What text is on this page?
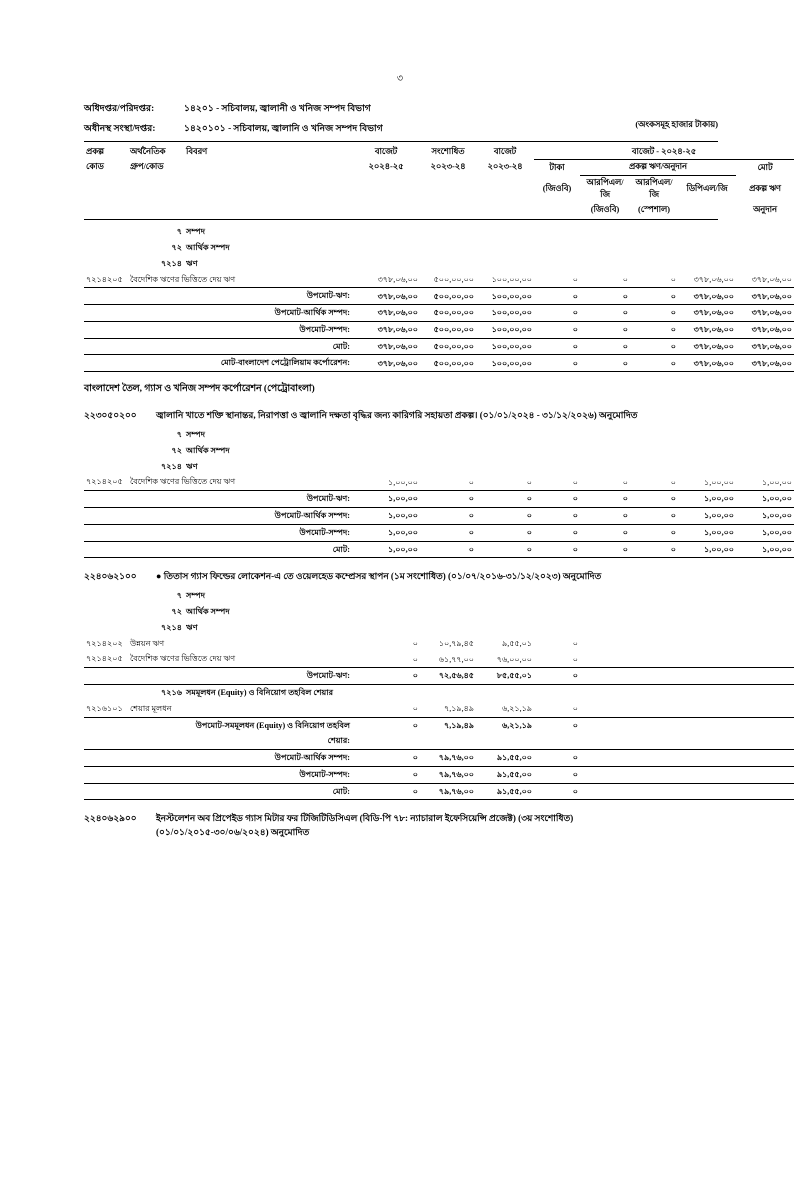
৩
অধিদপ্তর/পরিদপ্তর:	১৪২০১ - সচিবালয়, জ্বালানী ও খনিজ সম্পদ বিভাগ
অধীনস্থ সংস্থা/দপ্তর:	১৪২০১০১ - সচিবালয়, জ্বালানি ও খনিজ সম্পদ বিভাগ	(অংকসমূহ হাজার টাকায়)
প্রকল্প	অর্থনৈতিক	বিবরণ	বাজেট	সংশোধিত	বাজেট	বাজেট - ২০২৪-২৫				
কোড	গ্রুপ/কোড		২০২৪-২৫	২০২৩-২৪	২০২৩-২৪	টাকা	প্রকল্প ঋণ/অনুদান			মোট
						(জিওবি)	আরপিএল/জি	আরপিএল/জি	ডিপিএল/জি	প্রকল্প ঋণ
							(জিওবি)	(স্পেশাল)		অনুদান
	৭	সম্পদ								
	৭২	আর্থিক সম্পদ								
	৭২১৪	ঋণ								
৭২১৪২০৫	বৈদেশিক ঋণের ভিত্তিতে দেয় ঋণ		৩৭৮,০৬,০০	৫০০,০০,০০	১০০,০০,০০	০	০	০	৩৭৮,০৬,০০	৩৭৮,০৬,০০
উপমোট-ঋণ:			৩৭৮,০৬,০০	৫০০,০০,০০	১০০,০০,০০	০	০	০	৩৭৮,০৬,০০	৩৭৮,০৬,০০
উপমোট-আর্থিক সম্পদ:			৩৭৮,০৬,০০	৫০০,০০,০০	১০০,০০,০০	০	০	০	৩৭৮,০৬,০০	৩৭৮,০৬,০০
উপমোট-সম্পদ:			৩৭৮,০৬,০০	৫০০,০০,০০	১০০,০০,০০	০	০	০	৩৭৮,০৬,০০	৩৭৮,০৬,০০
মোট:			৩৭৮,০৬,০০	৫০০,০০,০০	১০০,০০,০০	০	০	০	৩৭৮,০৬,০০	৩৭৮,০৬,০০
মোট-বাংলাদেশ পেট্রোলিয়াম কর্পোরেশন:			৩৭৮,০৬,০০	৫০০,০০,০০	১০০,০০,০০	০	০	০	৩৭৮,০৬,০০	৩৭৮,০৬,০০
বাংলাদেশ তৈল, গ্যাস ও খনিজ সম্পদ কর্পোরেশন (পেট্রোবাংলা)
২২৩০৫০২০০	জ্বালানি খাতে শক্তি স্থানান্তর, নিরাপত্তা ও জ্বালানি দক্ষতা বৃদ্ধির জন্য কারিগরি সহায়তা প্রকল্প। (০১/০১/২০২৪ - ৩১/১২/২০২৬) অনুমোদিত
	৭	সম্পদ								
	৭২	আর্থিক সম্পদ								
	৭২১৪	ঋণ								
৭২১৪২০৫	বৈদেশিক ঋণের ভিত্তিতে দেয় ঋণ		১,০০,০০	০	০	০	০	০	১,০০,০০	১,০০,০০
উপমোট-ঋণ:			১,০০,০০	০	০	০	০	০	১,০০,০০	১,০০,০০
উপমোট-আর্থিক সম্পদ:			১,০০,০০	০	০	০	০	০	১,০০,০০	১,০০,০০
উপমোট-সম্পদ:			১,০০,০০	০	০	০	০	০	১,০০,০০	১,০০,০০
মোট:			১,০০,০০	০	০	০	০	০	১,০০,০০	১,০০,০০
২২৪০৬২১০০	● তিতাস গ্যাস ফিল্ডের লোকেশন-এ তে ওয়েলহেড কম্প্রেসর স্থাপন (১ম সংশোধিত) (০১/০৭/২০১৬-৩১/১২/২০২৩) অনুমোদিত
	৭	সম্পদ								
	৭২	আর্থিক সম্পদ								
	৭২১৪	ঋণ								
৭২১৪২০২	উন্নয়ন ঋণ		০	১০,৭৯,৪৫	৯,৫৫,০১	০				
৭২১৪২০৫	বৈদেশিক ঋণের ভিত্তিতে দেয় ঋণ		০	৬১,৭৭,০০	৭৬,০০,০০	০				
উপমোট-ঋণ:			০	৭২,৫৬,৪৫	৮৫,৫৫,০১	০				
	৭২১৬	সমমূলধন (Equity) ও বিনিয়োগ তহবিল শেয়ার								
৭২১৬১০১	শেয়ার মূলধন		০	৭,১৯,৪৯	৬,২১,১৯	০				
উপমোট-সমমূলধন (Equity) ও বিনিয়োগ তহবিল			০	৭,১৯,৪৯	৬,২১,১৯	০				
শেয়ার:										
উপমোট-আর্থিক সম্পদ:			০	৭৯,৭৬,০০	৯১,৫৫,০০	০				
উপমোট-সম্পদ:			০	৭৯,৭৬,০০	৯১,৫৫,০০	০				
মোট:			০	৭৯,৭৬,০০	৯১,৫৫,০০	০				
২২৪০৬২৯০০	ইনস্টলেশন অব প্রিপেইড গ্যাস মিটার ফর টিজিটিডিসিএল (বিডি-পি ৭৮: ন্যাচারাল ইফেসিয়েন্সি প্রজেক্ট) (৩য় সংশোধিত)
(০১/০১/২০১৫-৩০/০৬/২০২৪) অনুমোদিত
